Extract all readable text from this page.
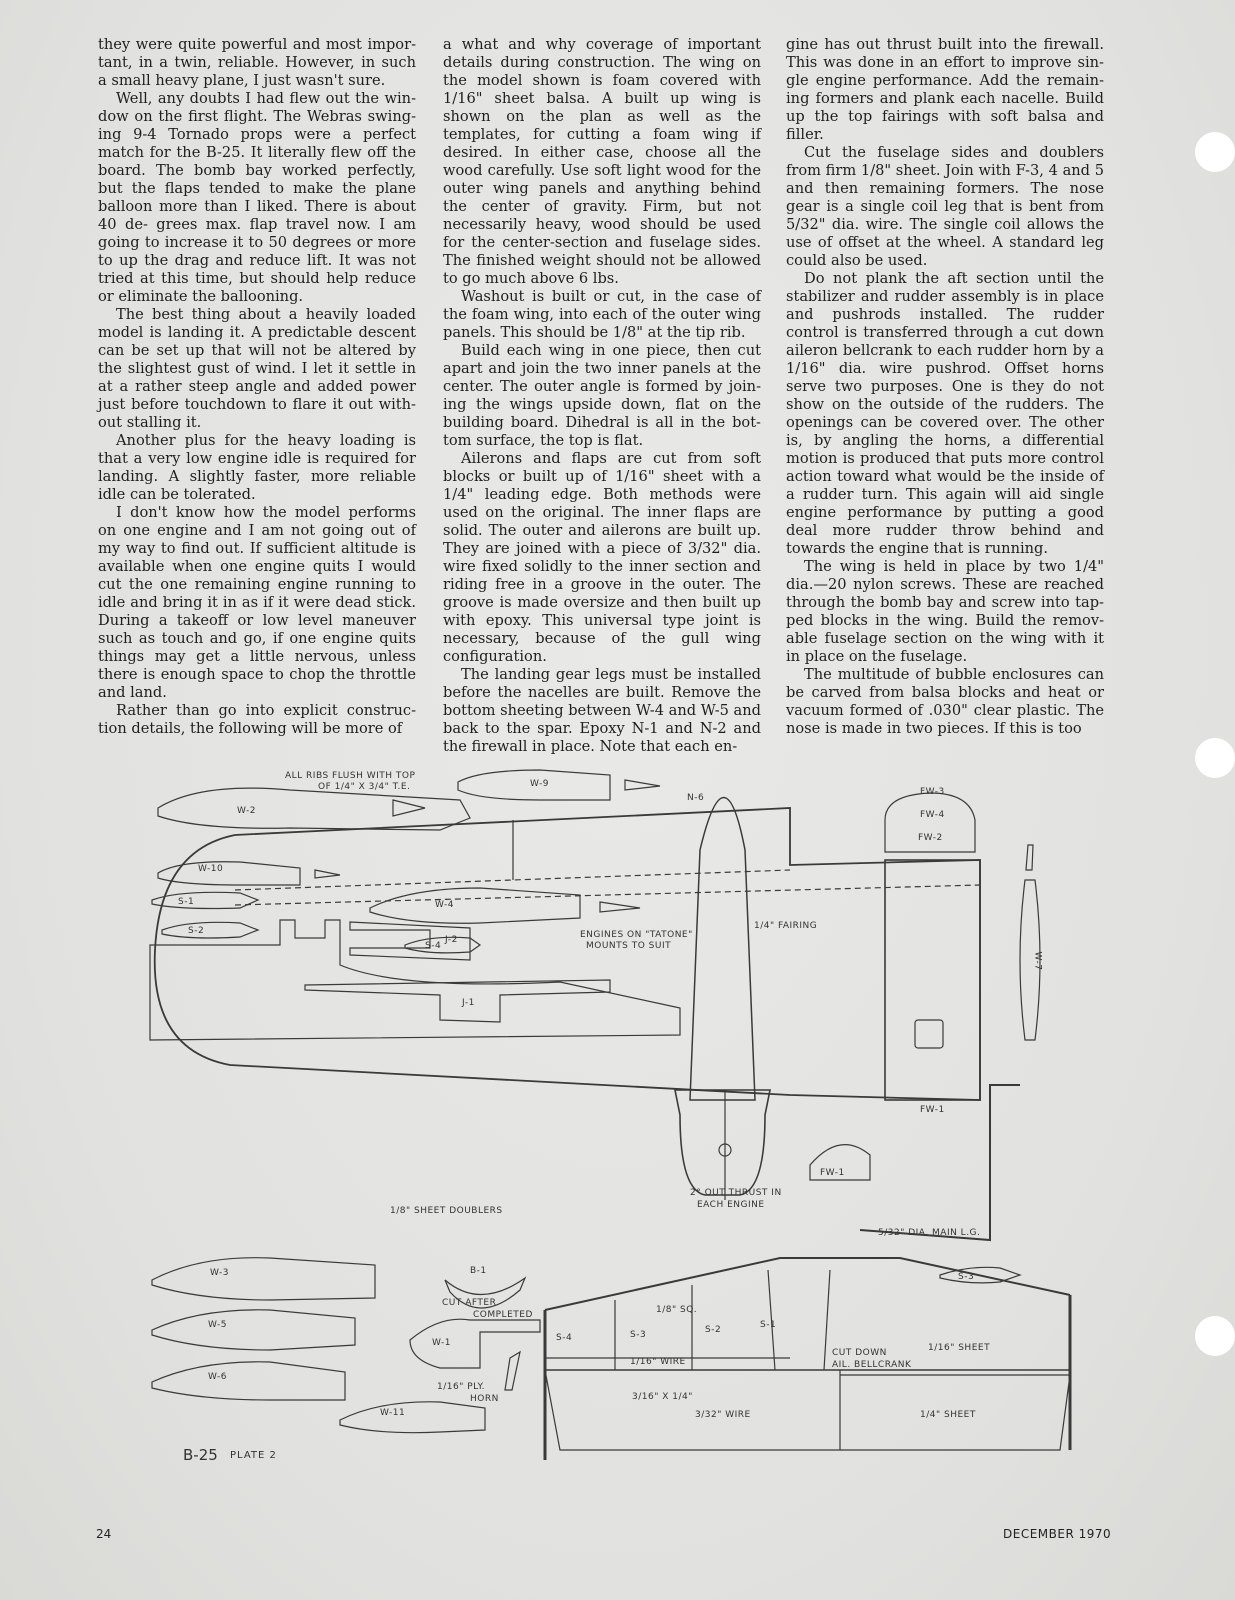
they were quite powerful and most impor- tant, in a twin, reliable. However, in such a small heavy plane, I just wasn't sure.

Well, any doubts I had flew out the win- dow on the first flight. The Webras swing- ing 9-4 Tornado props were a perfect match for the B-25. It literally flew off the board. The bomb bay worked perfectly, but the flaps tended to make the plane balloon more than I liked. There is about 40 de- grees max. flap travel now. I am going to increase it to 50 degrees or more to up the drag and reduce lift. It was not tried at this time, but should help reduce or eliminate the ballooning.

The best thing about a heavily loaded model is landing it. A predictable descent can be set up that will not be altered by the slightest gust of wind. I let it settle in at a rather steep angle and added power just before touchdown to flare it out with- out stalling it.

Another plus for the heavy loading is that a very low engine idle is required for landing. A slightly faster, more reliable idle can be tolerated.

I don't know how the model performs on one engine and I am not going out of my way to find out. If sufficient altitude is available when one engine quits I would cut the one remaining engine running to idle and bring it in as if it were dead stick. During a takeoff or low level maneuver such as touch and go, if one engine quits things may get a little nervous, unless there is enough space to chop the throttle and land.

Rather than go into explicit construc- tion details, the following will be more of

a what and why coverage of important details during construction. The wing on the model shown is foam covered with 1/16" sheet balsa. A built up wing is shown on the plan as well as the templates, for cutting a foam wing if desired. In either case, choose all the wood carefully. Use soft light wood for the outer wing panels and anything behind the center of gravity. Firm, but not necessarily heavy, wood should be used for the center-section and fuselage sides. The finished weight should not be allowed to go much above 6 lbs.

Washout is built or cut, in the case of the foam wing, into each of the outer wing panels. This should be 1/8" at the tip rib.

Build each wing in one piece, then cut apart and join the two inner panels at the center. The outer angle is formed by join- ing the wings upside down, flat on the building board. Dihedral is all in the bot- tom surface, the top is flat.

Ailerons and flaps are cut from soft blocks or built up of 1/16" sheet with a 1/4" leading edge. Both methods were used on the original. The inner flaps are solid. The outer and ailerons are built up. They are joined with a piece of 3/32" dia. wire fixed solidly to the inner section and riding free in a groove in the outer. The groove is made oversize and then built up with epoxy. This universal type joint is necessary, because of the gull wing configuration.

The landing gear legs must be installed before the nacelles are built. Remove the bottom sheeting between W-4 and W-5 and back to the spar. Epoxy N-1 and N-2 and the firewall in place. Note that each en-

gine has out thrust built into the firewall. This was done in an effort to improve sin- gle engine performance. Add the remain- ing formers and plank each nacelle. Build up the top fairings with soft balsa and filler.

Cut the fuselage sides and doublers from firm 1/8" sheet. Join with F-3, 4 and 5 and then remaining formers. The nose gear is a single coil leg that is bent from 5/32" dia. wire. The single coil allows the use of offset at the wheel. A standard leg could also be used.

Do not plank the aft section until the stabilizer and rudder assembly is in place and pushrods installed. The rudder control is transferred through a cut down aileron bellcrank to each rudder horn by a 1/16" dia. wire pushrod. Offset horns serve two purposes. One is they do not show on the outside of the rudders. The openings can be covered over. The other is, by angling the horns, a differential motion is produced that puts more control action toward what would be the inside of a rudder turn. This again will aid single engine performance by putting a good deal more rudder throw behind and towards the engine that is running.

The wing is held in place by two 1/4" dia.—20 nylon screws. These are reached through the bomb bay and screw into tap- ped blocks in the wing. Build the remov- able fuselage section on the wing with it in place on the fuselage.

The multitude of bubble enclosures can be carved from balsa blocks and heat or vacuum formed of .030" clear plastic. The nose is made in two pieces. If this is too

ALL RIBS FLUSH WITH TOP
OF 1/4" X 3/4" T.E.
W-2
W-9
N-6
FW-3
FW-4
FW-2
1/4" FAIRING
W-7
J-2
J-1
W-10
S-1
S-2
W-4
S-4
ENGINES ON "TATONE"
MOUNTS TO SUIT
2° OUT THRUST IN
EACH ENGINE
1/8" SHEET DOUBLERS
FW-1
FW-1
5/32" DIA. MAIN L.G.
S-3
W-3
W-5
W-6
B-1
CUT AFTER
COMPLETED
W-1
1/16" PLY.
HORN
W-11
1/8" SQ.
S-4	S-3	S-2	S-1
1/16" WIRE
3/16" X 1/4"
3/32" WIRE
CUT DOWN
AIL. BELLCRANK
1/16" SHEET
1/4" SHEET
B-25 PLATE 2
24	DECEMBER 1970
